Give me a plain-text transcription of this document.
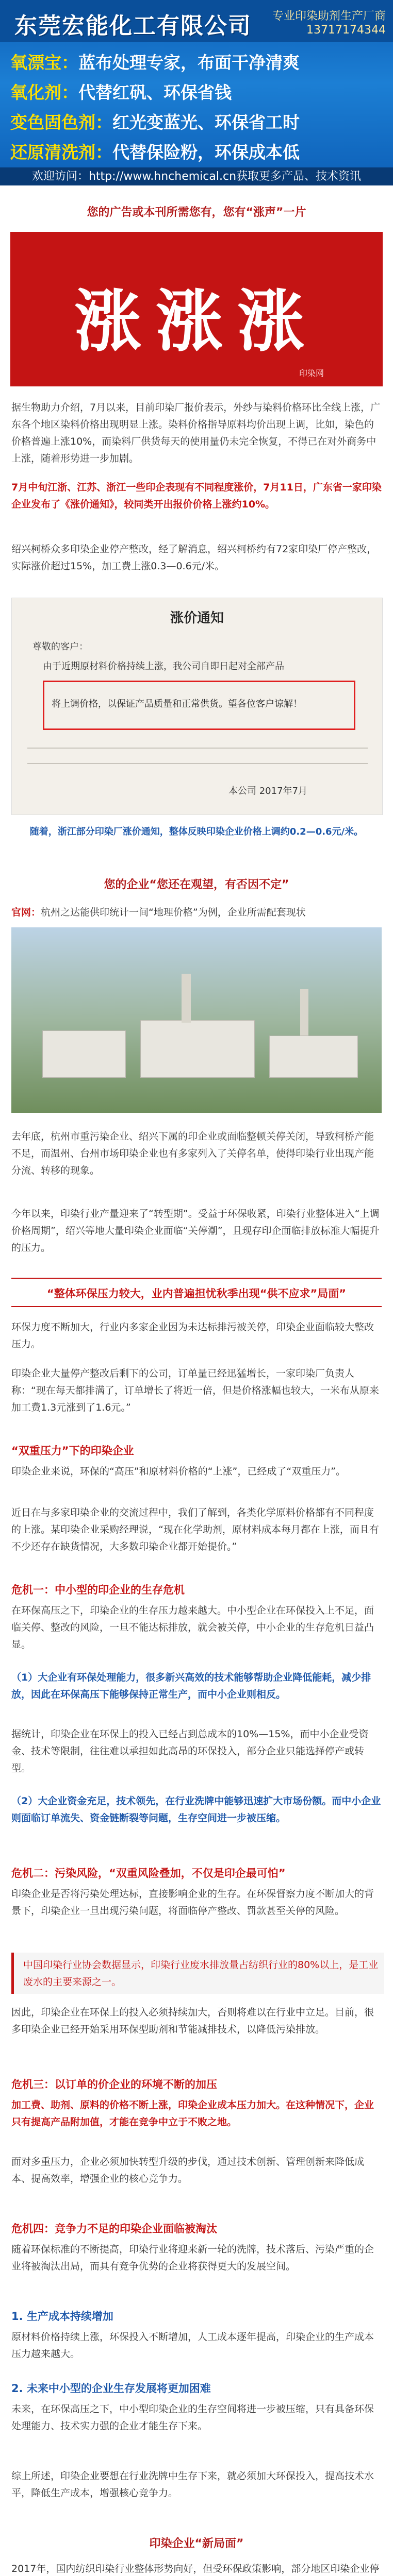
东莞宏能化工有限公司	专业印染助剂生产厂商
13717174344
氧漂宝：蓝布处理专家，布面干净清爽
氧化剂：代替红矾、环保省钱
变色固色剂：红光变蓝光、环保省工时
还原清洗剂：代替保险粉，环保成本低
欢迎访问：http://www.hnchemical.cn获取更多产品、技术资讯
您的广告或本刊所需您有，您有“涨声”一片
涨涨涨
印染网

据生物助力介绍，7月以来，目前印染厂报价表示，外纱与染料价格环比全线上涨，广东各个地区染料价格出现明显上涨。染料价格指导原料均价出现上调，比如，染色的价格普遍上涨10%，而染料厂供货每天的使用量仍未完全恢复，不得已在对外商务中上涨，随着形势进一步加剧。

7月中旬江浙、江苏、浙江一些印企表现有不同程度涨价，7月11日，广东省一家印染企业发布了《涨价通知》，较同类开出报价价格上涨约10%。

绍兴柯桥众多印染企业停产整改，经了解消息，绍兴柯桥约有72家印染厂停产整改，实际涨价超过15%，加工费上涨0.3—0.6元/米。

涨价通知
尊敬的客户：
由于近期原材料价格持续上涨，我公司自即日起对全部产品
将上调价格，以保证产品质量和正常供货。望各位客户谅解！
本公司 2017年7月
随着，浙江部分印染厂涨价通知，整体反映印染企业价格上调约0.2—0.6元/米。
您的企业“您还在观望，有否因不定”

官网：杭州之达能供印统计一间“地理价格”为例，企业所需配套现状

去年底，杭州市重污染企业、绍兴下属的印企业或面临整顿关停关闭，导致柯桥产能不足，而温州、台州市场印染企业也有多家列入了关停名单，使得印染行业出现产能分流、转移的现象。

今年以来，印染行业产量迎来了“转型期”。受益于环保收紧，印染行业整体进入“上调价格周期”，绍兴等地大量印染企业面临“关停潮”，且现存印企面临排放标准大幅提升的压力。

“整体环保压力较大，业内普遍担忧秋季出现“供不应求”局面”

环保力度不断加大，行业内多家企业因为未达标排污被关停，印染企业面临较大整改压力。

印染企业大量停产整改后剩下的公司，订单量已经迅猛增长，一家印染厂负责人称：“现在每天都排满了，订单增长了将近一倍，但是价格涨幅也较大，一米布从原来加工费1.3元涨到了1.6元。”

“双重压力”下的印染企业

印染企业来说，环保的“高压”和原材料价格的“上涨”，已经成了“双重压力”。

近日在与多家印染企业的交流过程中，我们了解到，各类化学原料价格都有不同程度的上涨。某印染企业采购经理说，“现在化学助剂，原材料成本每月都在上涨，而且有不少还存在缺货情况，大多数印染企业都开始提价。”

危机一：中小型的印企业的生存危机

在环保高压之下，印染企业的生存压力越来越大。中小型企业在环保投入上不足，面临关停、整改的风险，一旦不能达标排放，就会被关停，中小企业的生存危机日益凸显。

（1）大企业有环保处理能力，很多新兴高效的技术能够帮助企业降低能耗，减少排放，因此在环保高压下能够保持正常生产，而中小企业则相反。

据统计，印染企业在环保上的投入已经占到总成本的10%—15%，而中小企业受资金、技术等限制，往往难以承担如此高昂的环保投入，部分企业只能选择停产或转型。

（2）大企业资金充足，技术领先，在行业洗牌中能够迅速扩大市场份额。而中小企业则面临订单流失、资金链断裂等问题，生存空间进一步被压缩。

危机二：污染风险，“双重风险叠加，不仅是印企最可怕”

印染企业是否将污染处理达标，直接影响企业的生存。在环保督察力度不断加大的背景下，印染企业一旦出现污染问题，将面临停产整改、罚款甚至关停的风险。

中国印染行业协会数据显示，印染行业废水排放量占纺织行业的80%以上，是工业废水的主要来源之一。

因此，印染企业在环保上的投入必须持续加大，否则将难以在行业中立足。目前，很多印染企业已经开始采用环保型助剂和节能减排技术，以降低污染排放。

危机三：以订单的价企业的环境不断的加压

加工费、助剂、原料的价格不断上涨，印染企业成本压力加大。在这种情况下，企业只有提高产品附加值，才能在竞争中立于不败之地。

面对多重压力，企业必须加快转型升级的步伐，通过技术创新、管理创新来降低成本、提高效率，增强企业的核心竞争力。

危机四：竞争力不足的印染企业面临被淘汰

随着环保标准的不断提高，印染行业将迎来新一轮的洗牌，技术落后、污染严重的企业将被淘汰出局，而具有竞争优势的企业将获得更大的发展空间。

1. 生产成本持续增加

原材料价格持续上涨，环保投入不断增加，人工成本逐年提高，印染企业的生产成本压力越来越大。

2. 未来中小型的企业生存发展将更加困难

未来，在环保高压之下，中小型印染企业的生存空间将进一步被压缩，只有具备环保处理能力、技术实力强的企业才能生存下来。

综上所述，印染企业要想在行业洗牌中生存下来，就必须加大环保投入，提高技术水平，降低生产成本，增强核心竞争力。

印染企业“新局面”

2017年，国内纺织印染行业整体形势向好，但受环保政策影响，部分地区印染企业停
